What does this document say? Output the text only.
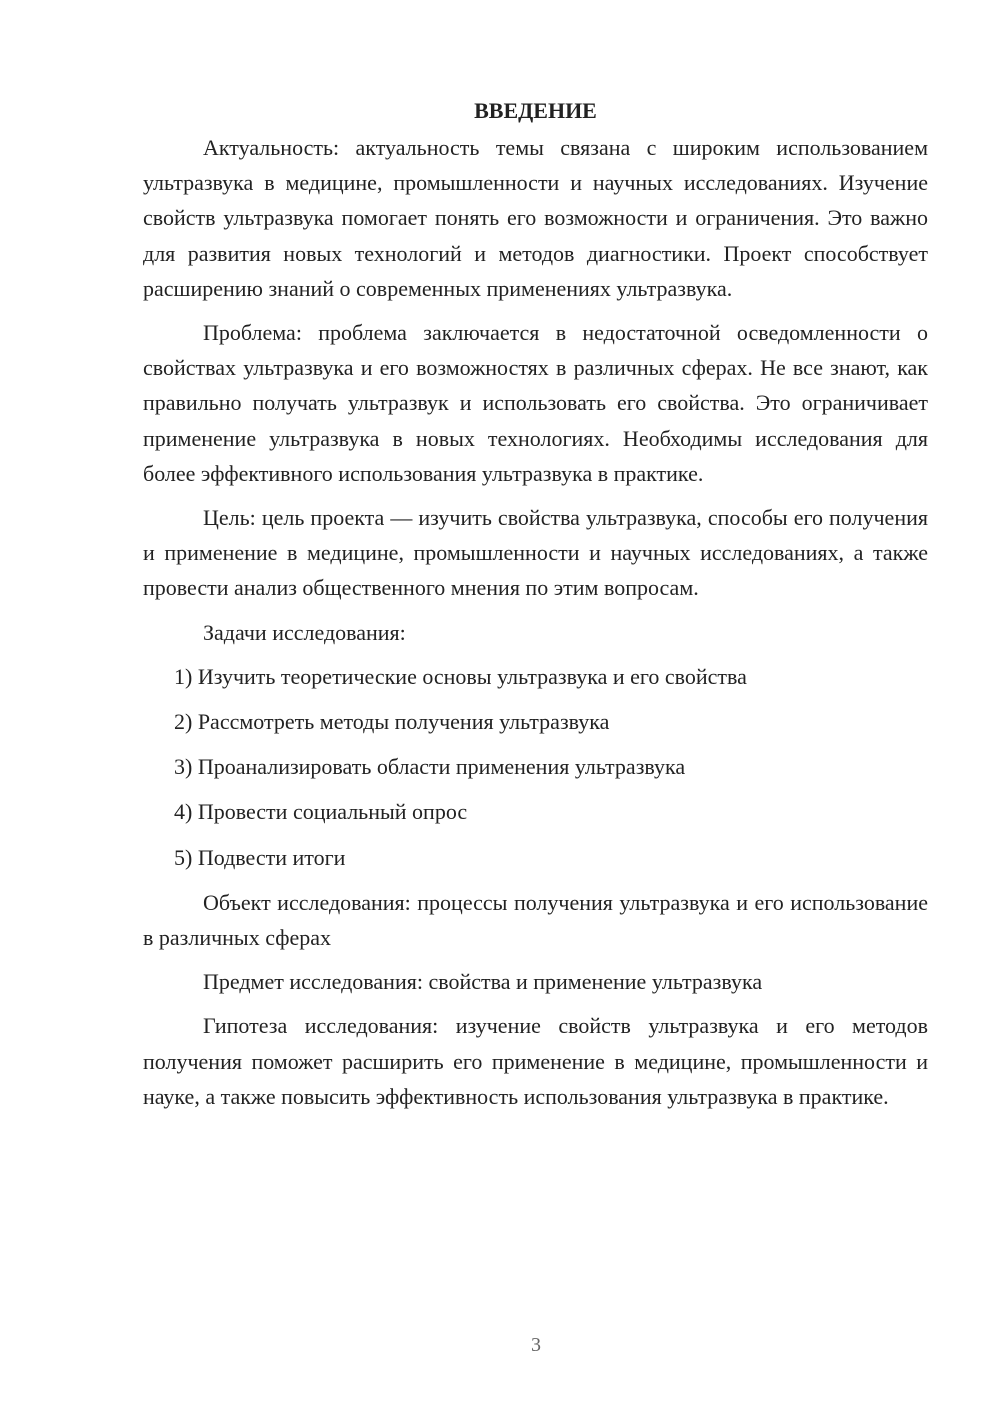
ВВЕДЕНИЕ

Актуальность: актуальность темы связана с широким использованием ультразвука в медицине, промышленности и научных исследованиях. Изучение свойств ультразвука помогает понять его возможности и ограничения. Это важно для развития новых технологий и методов диагностики. Проект способствует расширению знаний о современных применениях ультразвука.

Проблема: проблема заключается в недостаточной осведомленности о свойствах ультразвука и его возможностях в различных сферах. Не все знают, как правильно получать ультразвук и использовать его свойства. Это ограничивает применение ультразвука в новых технологиях. Необходимы исследования для более эффективного использования ультразвука в практике.

Цель: цель проекта — изучить свойства ультразвука, способы его получения и применение в медицине, промышленности и научных исследованиях, а также провести анализ общественного мнения по этим вопросам.

Задачи исследования:

1) Изучить теоретические основы ультразвука и его свойства
2) Рассмотреть методы получения ультразвука
3) Проанализировать области применения ультразвука
4) Провести социальный опрос
5) Подвести итоги

Объект исследования: процессы получения ультразвука и его использование в различных сферах

Предмет исследования: свойства и применение ультразвука

Гипотеза исследования: изучение свойств ультразвука и его методов получения поможет расширить его применение в медицине, промышленности и науке, а также повысить эффективность использования ультразвука в практике.

3
